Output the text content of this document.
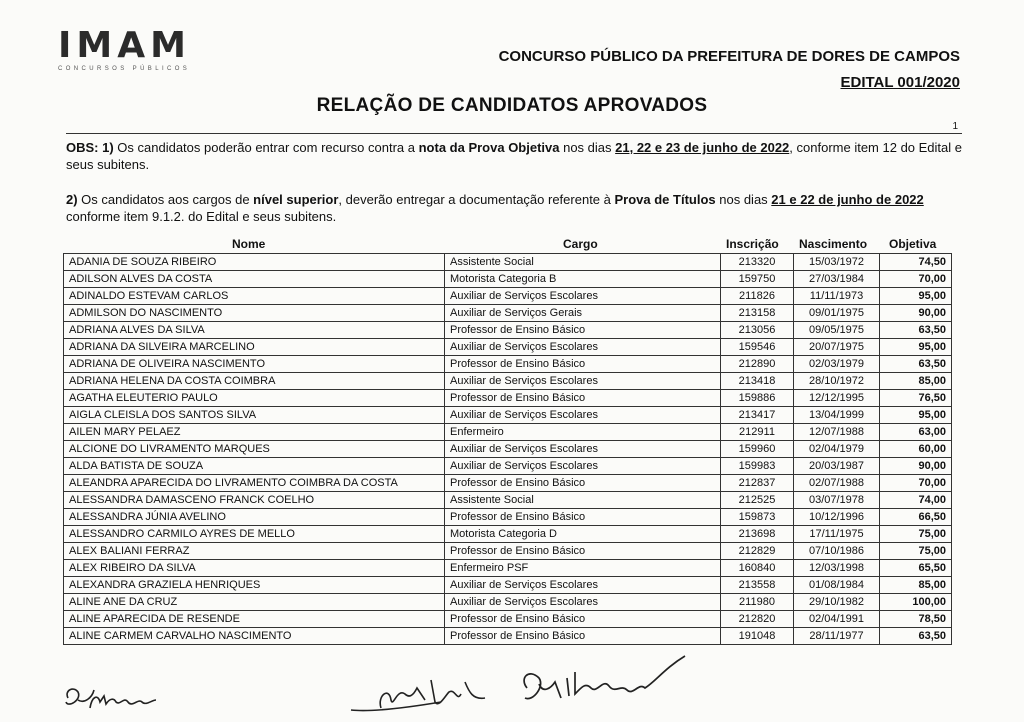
IMAM
CONCURSOS PÚBLICOS
CONCURSO PÚBLICO DA PREFEITURA DE DORES DE CAMPOS
EDITAL 001/2020
RELAÇÃO DE CANDIDATOS APROVADOS
1
OBS: 1) Os candidatos poderão entrar com recurso contra a nota da Prova Objetiva nos dias 21, 22 e 23 de junho de 2022, conforme item 12 do Edital e seus subitens.
2) Os candidatos aos cargos de nível superior, deverão entregar a documentação referente à Prova de Títulos nos dias 21 e 22 de junho de 2022 conforme item 9.1.2. do Edital e seus subitens.
Nome	Cargo	Inscrição Nascimento Objetiva
ADANIA DE SOUZA RIBEIRO	Assistente Social	213320	15/03/1972	74,50
ADILSON ALVES DA COSTA	Motorista Categoria B	159750	27/03/1984	70,00
ADINALDO ESTEVAM CARLOS	Auxiliar de Serviços Escolares	211826	11/11/1973	95,00
ADMILSON DO NASCIMENTO	Auxiliar de Serviços Gerais	213158	09/01/1975	90,00
ADRIANA ALVES DA SILVA	Professor de Ensino Básico	213056	09/05/1975	63,50
ADRIANA DA SILVEIRA MARCELINO	Auxiliar de Serviços Escolares	159546	20/07/1975	95,00
ADRIANA DE OLIVEIRA NASCIMENTO	Professor de Ensino Básico	212890	02/03/1979	63,50
ADRIANA HELENA DA COSTA COIMBRA	Auxiliar de Serviços Escolares	213418	28/10/1972	85,00
AGATHA ELEUTERIO PAULO	Professor de Ensino Básico	159886	12/12/1995	76,50
AIGLA CLEISLA DOS SANTOS SILVA	Auxiliar de Serviços Escolares	213417	13/04/1999	95,00
AILEN MARY PELAEZ	Enfermeiro	212911	12/07/1988	63,00
ALCIONE DO LIVRAMENTO MARQUES	Auxiliar de Serviços Escolares	159960	02/04/1979	60,00
ALDA BATISTA DE SOUZA	Auxiliar de Serviços Escolares	159983	20/03/1987	90,00
ALEANDRA APARECIDA DO LIVRAMENTO COIMBRA DA COSTA	Professor de Ensino Básico	212837	02/07/1988	70,00
ALESSANDRA DAMASCENO FRANCK COELHO	Assistente Social	212525	03/07/1978	74,00
ALESSANDRA JÚNIA AVELINO	Professor de Ensino Básico	159873	10/12/1996	66,50
ALESSANDRO CARMILO AYRES DE MELLO	Motorista Categoria D	213698	17/11/1975	75,00
ALEX BALIANI FERRAZ	Professor de Ensino Básico	212829	07/10/1986	75,00
ALEX RIBEIRO DA SILVA	Enfermeiro PSF	160840	12/03/1998	65,50
ALEXANDRA GRAZIELA HENRIQUES	Auxiliar de Serviços Escolares	213558	01/08/1984	85,00
ALINE ANE DA CRUZ	Auxiliar de Serviços Escolares	211980	29/10/1982	100,00
ALINE APARECIDA DE RESENDE	Professor de Ensino Básico	212820	02/04/1991	78,50
ALINE CARMEM CARVALHO NASCIMENTO	Professor de Ensino Básico	191048	28/11/1977	63,50
